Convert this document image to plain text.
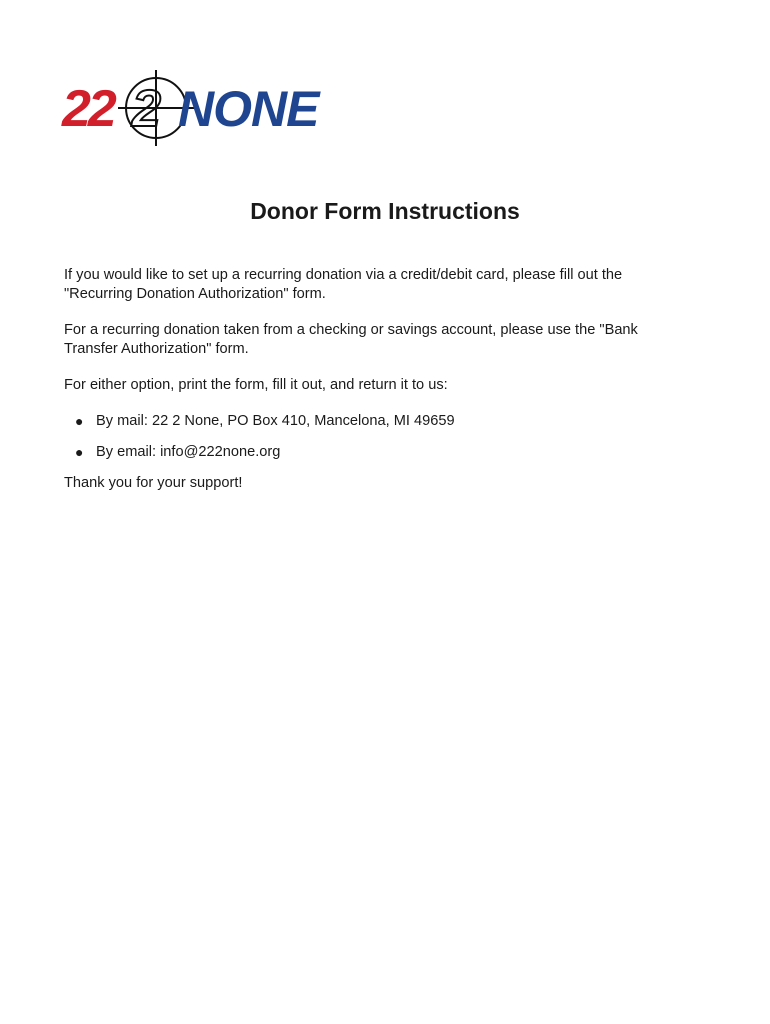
22 2 NONE
Donor Form Instructions

If you would like to set up a recurring donation via a credit/debit card, please fill out the
"Recurring Donation Authorization" form.

For a recurring donation taken from a checking or savings account, please use the "Bank
Transfer Authorization" form.

For either option, print the form, fill it out, and return it to us:

● By mail: 22 2 None, PO Box 410, Mancelona, MI 49659
● By email: info@222none.org

Thank you for your support!
